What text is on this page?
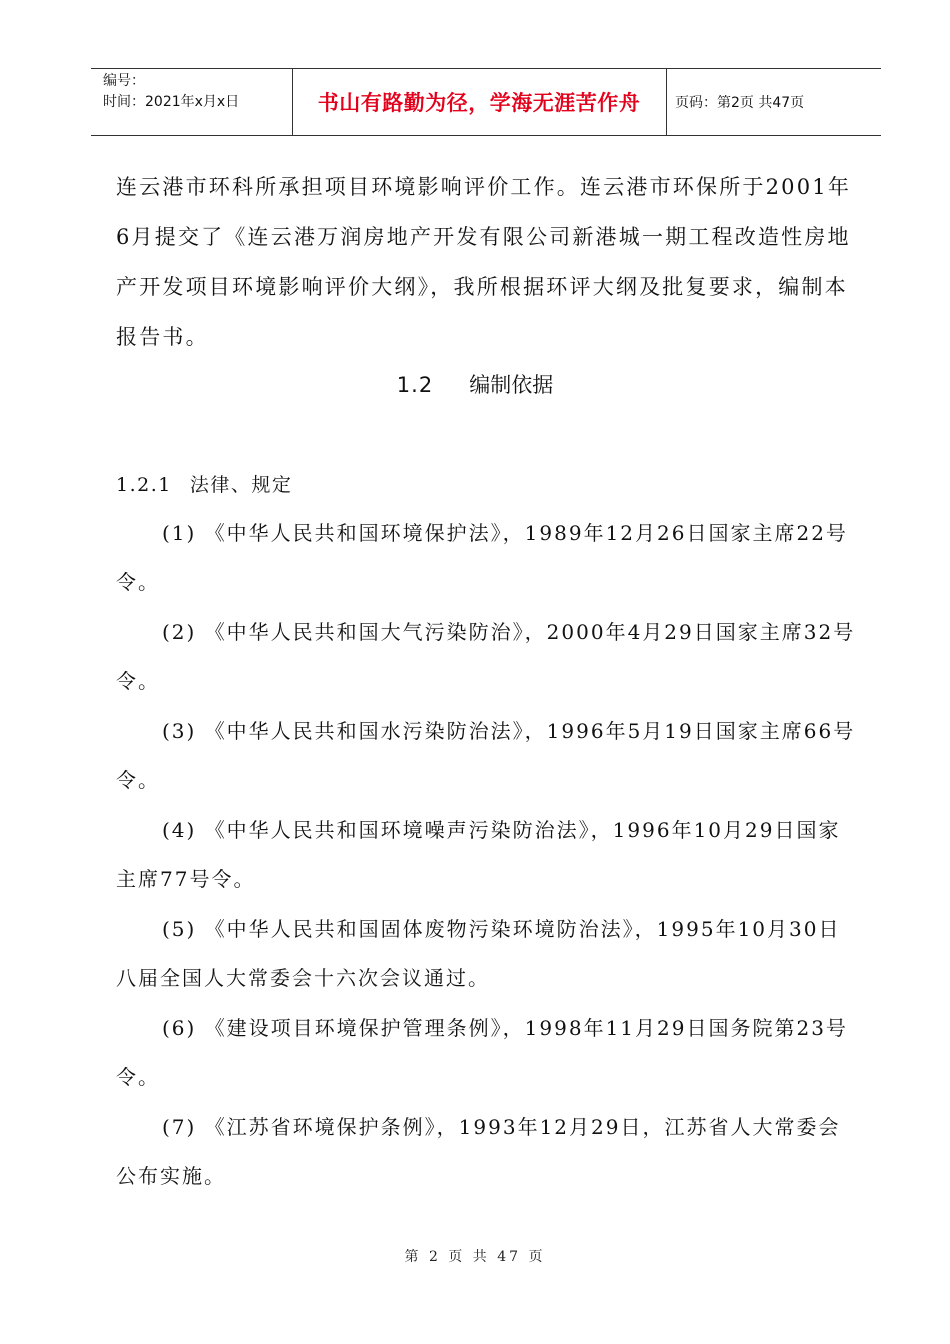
编号：
时间：2021年x月x日	书山有路勤为径，学海无涯苦作舟	页码：第2页 共47页

连云港市环科所承担项目环境影响评价工作。连云港市环保所于2001年6月提交了《连云港万润房地产开发有限公司新港城一期工程改造性房地产开发项目环境影响评价大纲》，我所根据环评大纲及批复要求，编制本报告书。

1.2 编制依据
1.2.1 法律、规定

(1) 《中华人民共和国环境保护法》，1989年12月26日国家主席22号令。

(2) 《中华人民共和国大气污染防治》，2000年4月29日国家主席32号令。

(3) 《中华人民共和国水污染防治法》，1996年5月19日国家主席66号令。

(4) 《中华人民共和国环境噪声污染防治法》，1996年10月29日国家主席77号令。

(5) 《中华人民共和国固体废物污染环境防治法》，1995年10月30日八届全国人大常委会十六次会议通过。

(6) 《建设项目环境保护管理条例》，1998年11月29日国务院第23号令。

(7) 《江苏省环境保护条例》，1993年12月29日，江苏省人大常委会公布实施。

第 2 页 共 47 页
